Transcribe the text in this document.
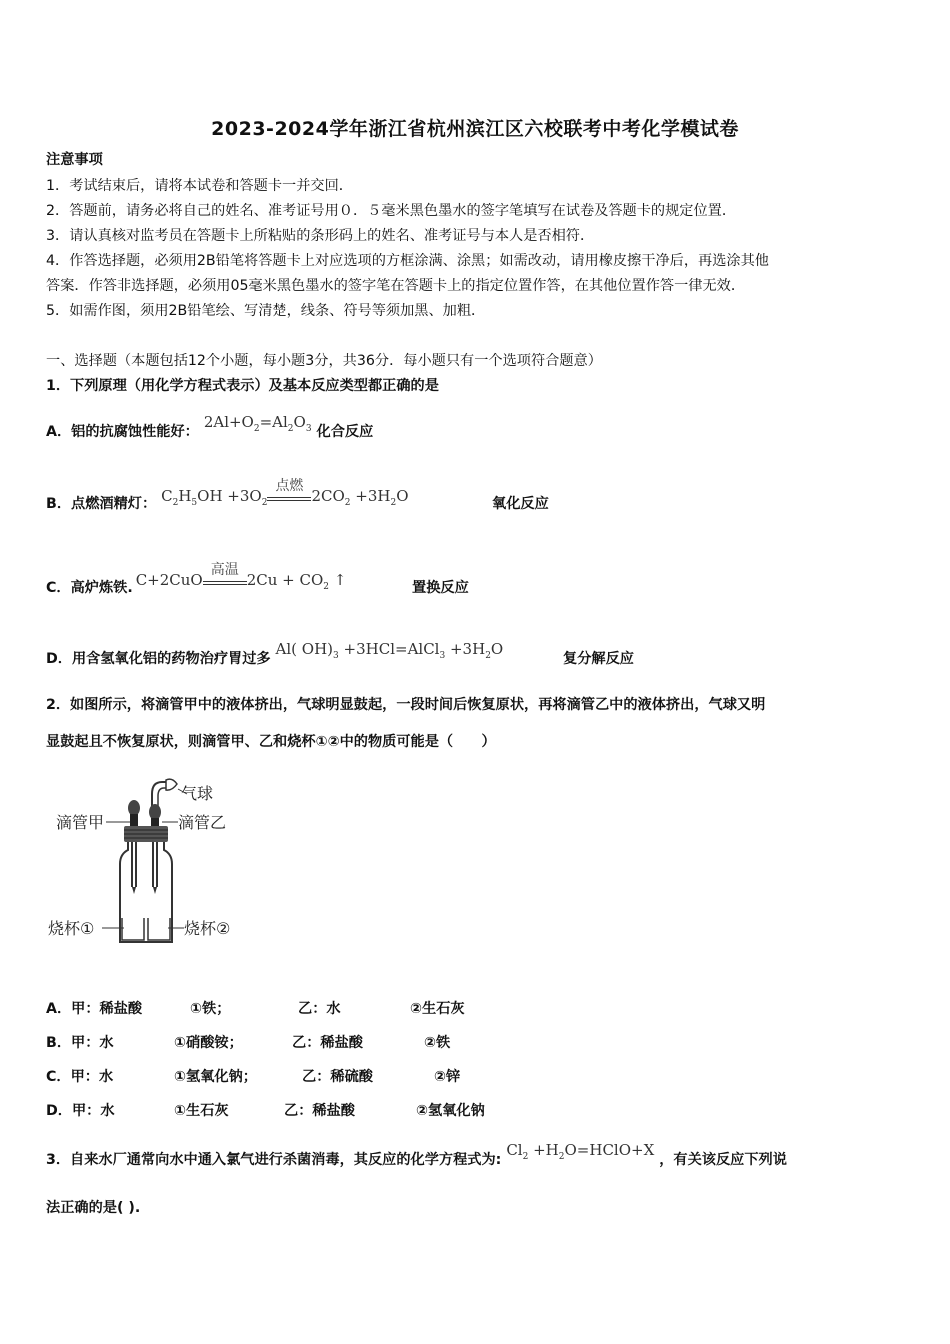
2023-2024学年浙江省杭州滨江区六校联考中考化学模试卷
注意事项
1．考试结束后，请将本试卷和答题卡一并交回．
2．答题前，请务必将自己的姓名、准考证号用０．５毫米黑色墨水的签字笔填写在试卷及答题卡的规定位置．
3．请认真核对监考员在答题卡上所粘贴的条形码上的姓名、准考证号与本人是否相符．
4．作答选择题，必须用2B铅笔将答题卡上对应选项的方框涂满、涂黑；如需改动，请用橡皮擦干净后，再选涂其他
答案．作答非选择题，必须用05毫米黑色墨水的签字笔在答题卡上的指定位置作答，在其他位置作答一律无效．
5．如需作图，须用2B铅笔绘、写清楚，线条、符号等须加黑、加粗．
一、选择题（本题包括12个小题，每小题3分，共36分．每小题只有一个选项符合题意）
1．下列原理（用化学方程式表示）及基本反应类型都正确的是
A．铝的抗腐蚀性能好： $2Al+O_2=Al_2O_3$ 化合反应
B．点燃酒精灯： $C_2H_5OH +3O_2$
点燃
$2CO_2 +3H_2O$	氧化反应
C．高炉炼铁. C+2CuO
高温
$2Cu + CO_2$ ↑	置换反应
D．用含氢氧化铝的药物治疗胃过多 Al( $OH)_3$ +3HCl=AlCl$_3$ $+3H_2O$
复分解反应
2．如图所示，将滴管甲中的液体挤出，气球明显鼓起，一段时间后恢复原状，再将滴管乙中的液体挤出，气球又明
显鼓起且不恢复原状，则滴管甲、乙和烧杯①②中的物质可能是（　　）
气球
滴管甲	滴管乙
烧杯①	烧杯②
A．甲：稀盐酸	①铁；	乙：水	②生石灰
B．甲：水	①硝酸铵；	乙：稀盐酸	②铁
C．甲：水	①氢氧化钠；	乙：稀硫酸	②锌
D．甲：水	①生石灰	乙：稀盐酸	②氢氧化钠
3．自来水厂通常向水中通入氯气进行杀菌消毒，其反应的化学方程式为: $Cl_2$ $+H_2O=HClO+X$ ，有关该反应下列说
法正确的是( ).
